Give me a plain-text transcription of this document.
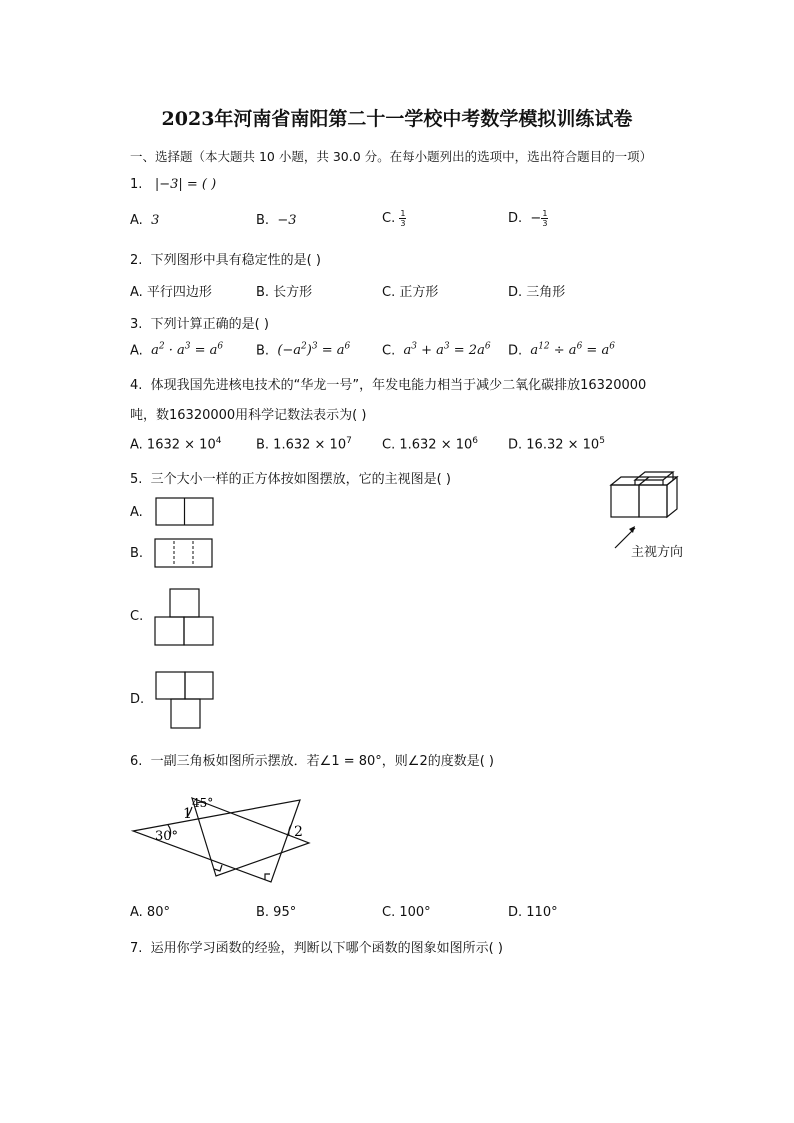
2023年河南省南阳第二十一学校中考数学模拟训练试卷
一、选择题（本大题共 10 小题，共 30.0 分。在每小题列出的选项中，选出符合题目的一项）
1. |−3| = ( )
A. 3	B. −3	C. $\frac{1}{3}$	D. − $\frac{1}{3}$
2. 下列图形中具有稳定性的是( )
A. 平行四边形	B. 长方形	C. 正方形	D. 三角形
3. 下列计算正确的是( )
A. $a^2 \cdot a^3 = a^6$	B. $(-a^2)^3 = a^6$ C. $a^3 + a^3 = 2a^6$ D. $a^{12} \div a^6 = a^6$
4. 体现我国先进核电技术的“华龙一号”，年发电能力相当于减少二氧化碳排放16320000
吨，数16320000用科学记数法表示为( )
A. $1632 \times 10^4$	B. $1.632 \times 10^7$ C. $1.632 \times 10^6$ D. $16.32 \times 10^5$
5. 三个大小一样的正方体按如图摆放，它的主视图是( )
主视方向
A.
B.
C.
D.
6. 一副三角板如图所示摆放．若∠1 = 80°，则∠2的度数是( )
1
45°
30°	2
A. 80°	B. 95°	C. 100°	D. 110°
7. 运用你学习函数的经验，判断以下哪个函数的图象如图所示( )
